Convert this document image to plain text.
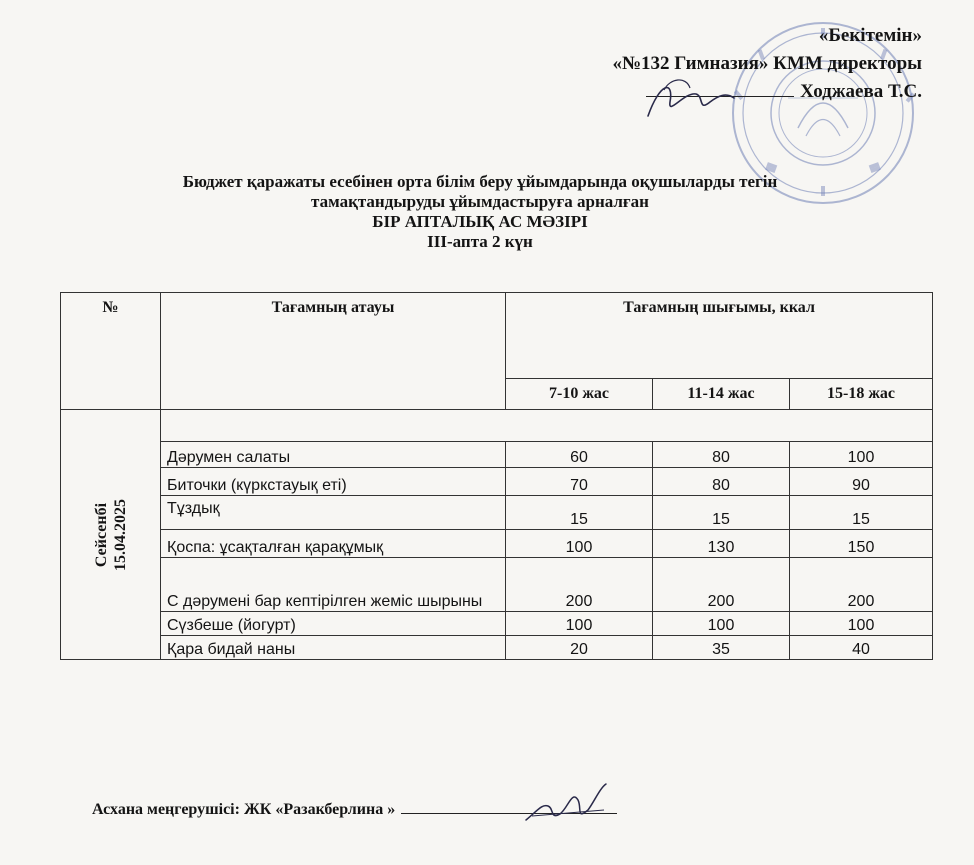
«Бекітемін»
«№132 Гимназия» КММ директоры
Ходжаева Т.С.
Бюджет қаражаты есебінен орта білім беру ұйымдарында оқушыларды тегін
тамақтандыруды ұйымдастыруға арналған
БІР АПТАЛЫҚ АС МӘЗІРІ
ІІІ-апта 2 күн
№	Тағамның атауы	Тағамның шығымы, ккал		
		7-10 жас	11-14 жас	15-18 жас
Сейсенбі 15.04.2025				
	Дәрумен салаты	60	80	100
	Биточки (күркстауық еті)	70	80	90
	Тұздық	15	15	15
	Қоспа: ұсақталған қарақұмық	100	130	150
	С дәрумені бар кептірілген жеміс шырыны	200	200	200
	Сүзбеше (йогурт)	100	100	100
	Қара бидай наны	20	35	40
Асхана меңгерушісі: ЖК «Разакберлина »
